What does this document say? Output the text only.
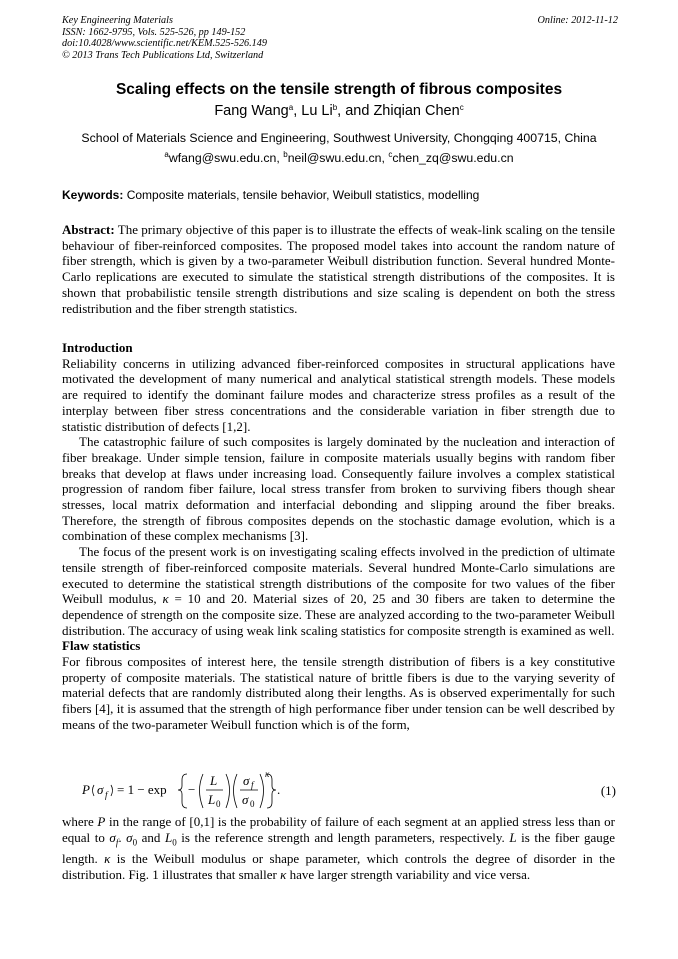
Key Engineering Materials
ISSN: 1662-9795, Vols. 525-526, pp 149-152
doi:10.4028/www.scientific.net/KEM.525-526.149
© 2013 Trans Tech Publications Ltd, Switzerland
Online: 2012-11-12
Scaling effects on the tensile strength of fibrous composites
Fang Wang$^a$, Lu Li$^b$, and Zhiqian Chen$^c$
School of Materials Science and Engineering, Southwest University, Chongqing 400715, China
$^a$wfang@swu.edu.cn, $^b$neil@swu.edu.cn, $^c$chen_zq@swu.edu.cn
Keywords: Composite materials, tensile behavior, Weibull statistics, modelling
Abstract: The primary objective of this paper is to illustrate the effects of weak-link scaling on the tensile behaviour of fiber-reinforced composites. The proposed model takes into account the random nature of fiber strength, which is given by a two-parameter Weibull distribution function. Several hundred Monte-Carlo replications are executed to simulate the statistical strength distributions of the composites. It is shown that probabilistic tensile strength distributions and size scaling is dependent on both the stress redistribution and the fiber strength statistics.

Introduction

Reliability concerns in utilizing advanced fiber-reinforced composites in structural applications have motivated the development of many numerical and analytical statistical strength models. These models are required to identify the dominant failure modes and characterize stress profiles as a result of the interplay between fiber stress concentrations and the considerable variation in fiber strength due to statistic distribution of defects [1,2].

The catastrophic failure of such composites is largely dominated by the nucleation and interaction of fiber breakage. Under simple tension, failure in composite materials usually begins with random fiber breaks that develop at flaws under increasing load. Consequently failure involves a complex statistical progression of random fiber failure, local stress transfer from broken to surviving fibers though shear stresses, local matrix deformation and interfacial debonding and slipping around the fiber breaks. Therefore, the strength of fibrous composites depends on the stochastic damage evolution, which is a combination of these complex mechanisms [3].

The focus of the present work is on investigating scaling effects involved in the prediction of ultimate tensile strength of fiber-reinforced composite materials. Several hundred Monte-Carlo simulations are executed to determine the statistical strength distributions of the composite for two values of the fiber Weibull modulus, κ = 10 and 20. Material sizes of 20, 25 and 30 fibers are taken to determine the dependence of strength on the composite size. These are analyzed according to the two-parameter Weibull distribution. The accuracy of using weak link scaling statistics for composite strength is examined as well.

Flaw statistics

For fibrous composites of interest here, the tensile strength distribution of fibers is a key constitutive property of composite materials. The statistical nature of brittle fibers is due to the varying severity of material defects that are randomly distributed along their lengths. As is observed experimentally for such fibers [4], it is assumed that the strength of high performance fiber under tension can be well described by means of the two-parameter Weibull function which is of the form,

P σ f = 1 − exp −
L
L 0
σ f
σ 0
κ
.	(1)
where P in the range of [0,1] is the probability of failure of each segment at an applied stress less than or equal to $\sigma_f$. $\sigma_0$ and $L_0$ is the reference strength and length parameters, respectively. L is the fiber gauge length. κ is the Weibull modulus or shape parameter, which controls the degree of disorder in the distribution. Fig. 1 illustrates that smaller κ have larger strength variability and vice versa.
